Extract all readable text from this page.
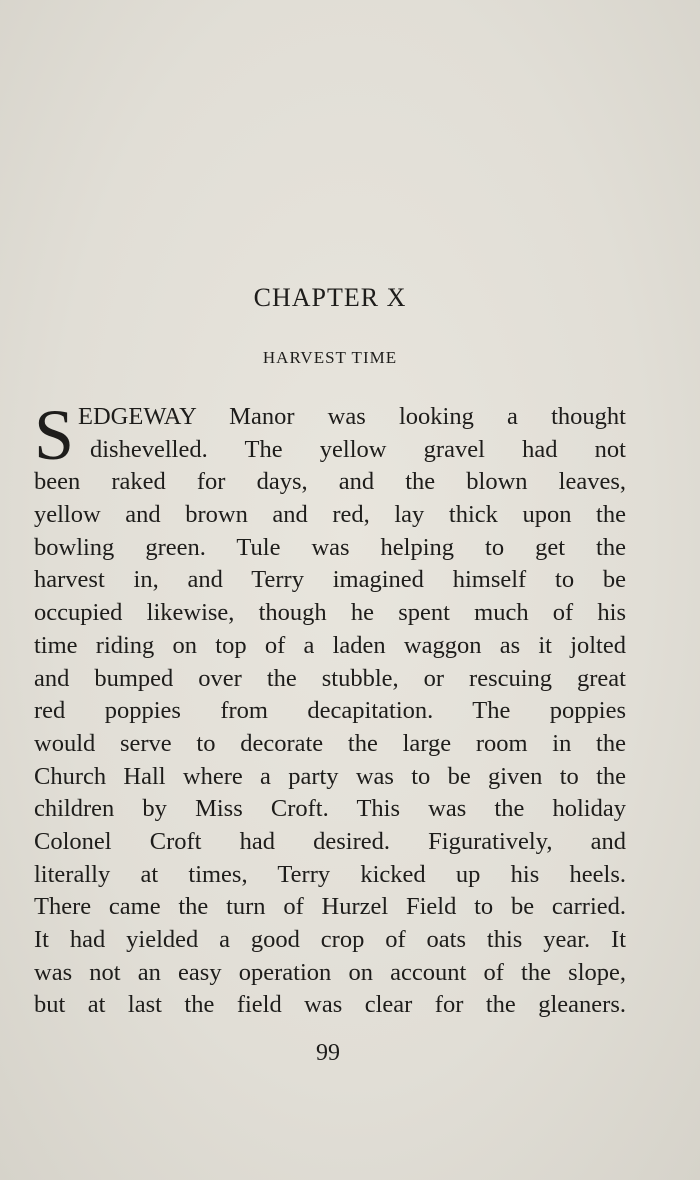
CHAPTER X
HARVEST TIME
S EDGEWAY Manor was looking a thought
dishevelled. The yellow gravel had not
been raked for days, and the blown leaves,
yellow and brown and red, lay thick upon the
bowling green. Tule was helping to get the
harvest in, and Terry imagined himself to be
occupied likewise, though he spent much of his
time riding on top of a laden waggon as it jolted
and bumped over the stubble, or rescuing great
red poppies from decapitation. The poppies
would serve to decorate the large room in the
Church Hall where a party was to be given to the
children by Miss Croft. This was the holiday
Colonel Croft had desired. Figuratively, and
literally at times, Terry kicked up his heels.
There came the turn of Hurzel Field to be carried.
It had yielded a good crop of oats this year. It
was not an easy operation on account of the slope,
but at last the field was clear for the gleaners.
99
